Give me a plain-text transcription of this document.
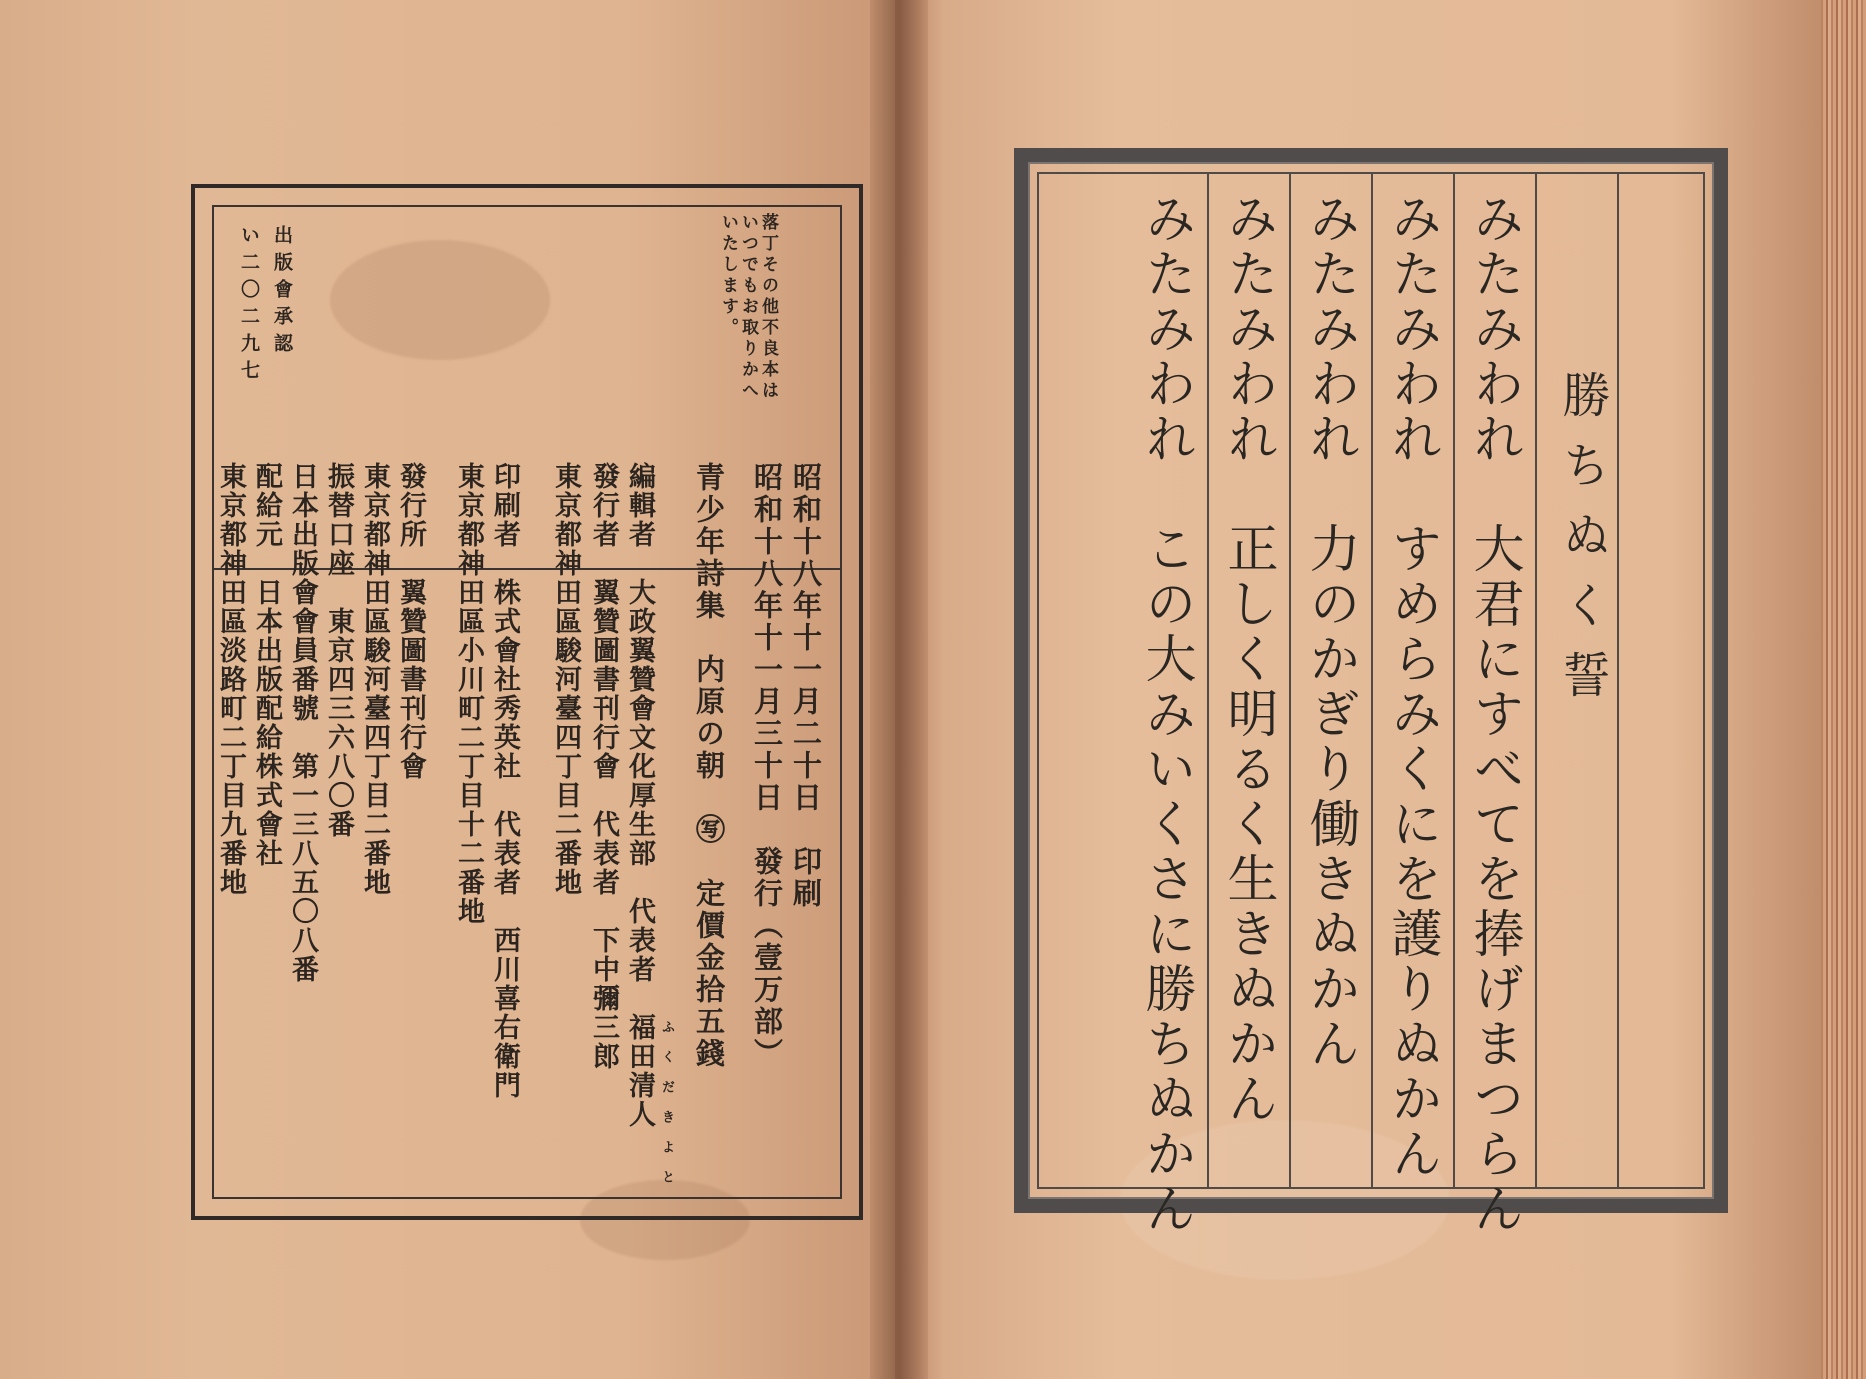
落丁その他不良本は
いつでもお取りかへ
いたします。
出版會承認
い二〇二九七
昭和十八年十一月二十日　印刷
昭和十八年十一月三十日　發行（壹万部）
青少年詩集　内原の朝　㊢　定價金拾五錢
編輯者　大政翼贊會文化厚生部　代表者　福田清人 ふくだきよと
發行者　翼贊圖書刊行會　代表者　下中彌三郎
東京都神田區駿河臺四丁目二番地
印刷者　株式會社秀英社　代表者　西川喜右衛門
東京都神田區小川町二丁目十二番地
發行所　翼贊圖書刊行會
東京都神田區駿河臺四丁目二番地
振替口座　東京四三六八〇番
日本出版會會員番號　第一三八五〇八番
配給元　日本出版配給株式會社
東京都神田區淡路町二丁目九番地	勝ちぬく誓
みたみわれ　大君にすべてを捧げまつらん
みたみわれ　すめらみくにを護りぬかん
みたみわれ　力のかぎり働きぬかん
みたみわれ　正しく明るく生きぬかん
みたみわれ　この大みいくさに勝ちぬかん
